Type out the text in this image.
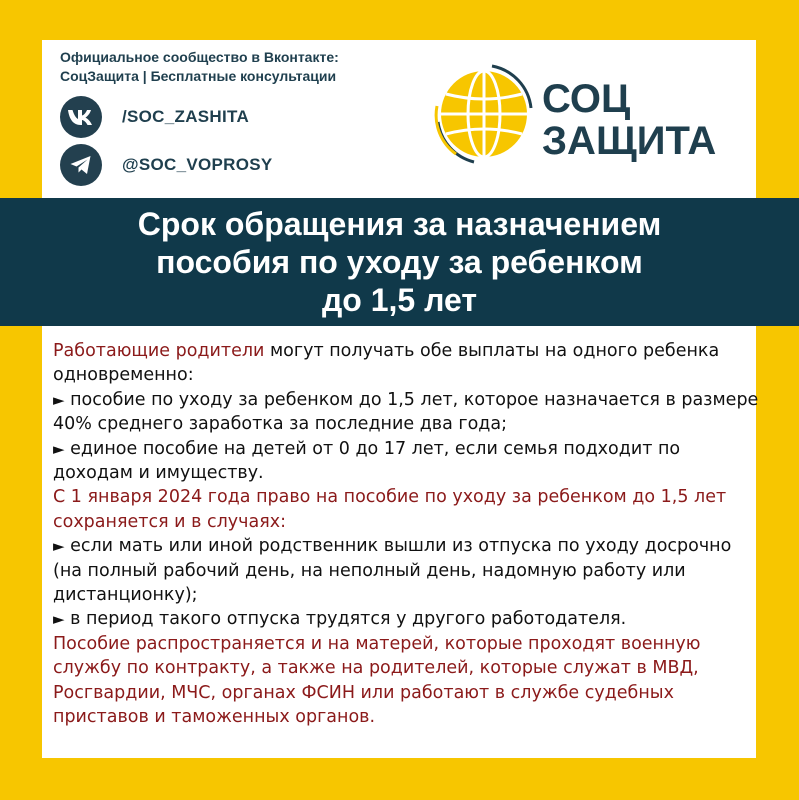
Официальное сообщество в Вконтакте:
СоцЗащита | Бесплатные консультации
/SOC_ZASHITA
@SOC_VOPROSY
СОЦ
ЗАЩИТА
Срок обращения за назначением
пособия по уходу за ребенком
до 1,5 лет

Работающие родители могут получать обе выплаты на одного ребенка одновременно:

► пособие по уходу за ребенком до 1,5 лет, которое назначается в размере 40% среднего заработка за последние два года;

► единое пособие на детей от 0 до 17 лет, если семья подходит по доходам и имуществу.

С 1 января 2024 года право на пособие по уходу за ребенком до 1,5 лет сохраняется и в случаях:

► если мать или иной родственник вышли из отпуска по уходу досрочно (на полный рабочий день, на неполный день, надомную работу или дистанционку);

► в период такого отпуска трудятся у другого работодателя.

Пособие распространяется и на матерей, которые проходят военную службу по контракту, а также на родителей, которые служат в МВД, Росгвардии, МЧС, органах ФСИН или работают в службе судебных приставов и таможенных органов.
